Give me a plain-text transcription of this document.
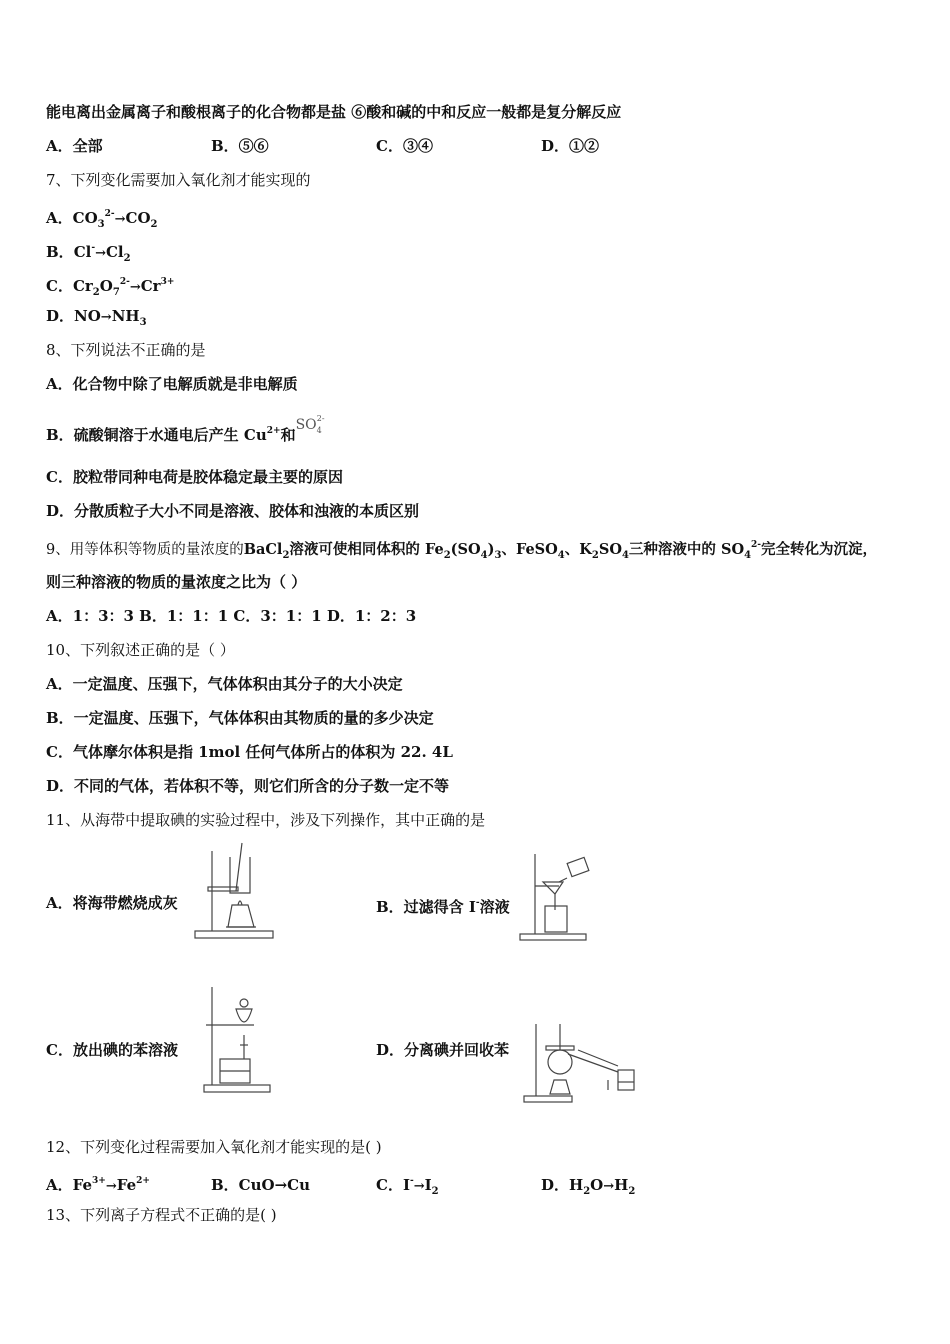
能电离出金属离子和酸根离子的化合物都是盐 ⑥酸和碱的中和反应一般都是复分解反应
A．全部	B．⑤⑥	C．③④	D．①②
7、下列变化需要加入氧化剂才能实现的
A．$CO_3^{2-}\to CO_2$
B．$Cl^-\to Cl_2$
C．$Cr_2O_7^{2-}\to Cr^{3+}$
D．$NO\to NH_3$
8、下列说法不正确的是
A．化合物中除了电解质就是非电解质
B．硫酸铜溶于水通电后产生 $Cu^{2+}$和$SO_4^{2-}$
C．胶粒带同种电荷是胶体稳定最主要的原因
D．分散质粒子大小不同是溶液、胶体和浊液的本质区别
9、用等体积等物质的量浓度的BaCl$_2$溶液可使相同体积的 $Fe_2(SO_4)_3$、FeSO$_4$、$K_2SO_4$三种溶液中的 $SO_4^{2-}$完全转化为沉淀，
则三种溶液的物质的量浓度之比为（ ）
A．1：3：3 B．1：1：1 C．3：1：1 D．1：2：3
10、下列叙述正确的是（ ）
A．一定温度、压强下，气体体积由其分子的大小决定
B．一定温度、压强下，气体体积由其物质的量的多少决定
C．气体摩尔体积是指 1mol 任何气体所占的体积为 22. 4L
D．不同的气体，若体积不等，则它们所含的分子数一定不等
11、从海带中提取碘的实验过程中，涉及下列操作，其中正确的是
A．将海带燃烧成灰	B．过滤得含 I-溶液
C．放出碘的苯溶液	D．分离碘并回收苯
12、下列变化过程需要加入氧化剂才能实现的是( )
A．$Fe^{3+}\to Fe^{2+}$	B．CuO→Cu	C．$I^-\to I_2$	D．$H_2O\to H_2$
13、下列离子方程式不正确的是( )
